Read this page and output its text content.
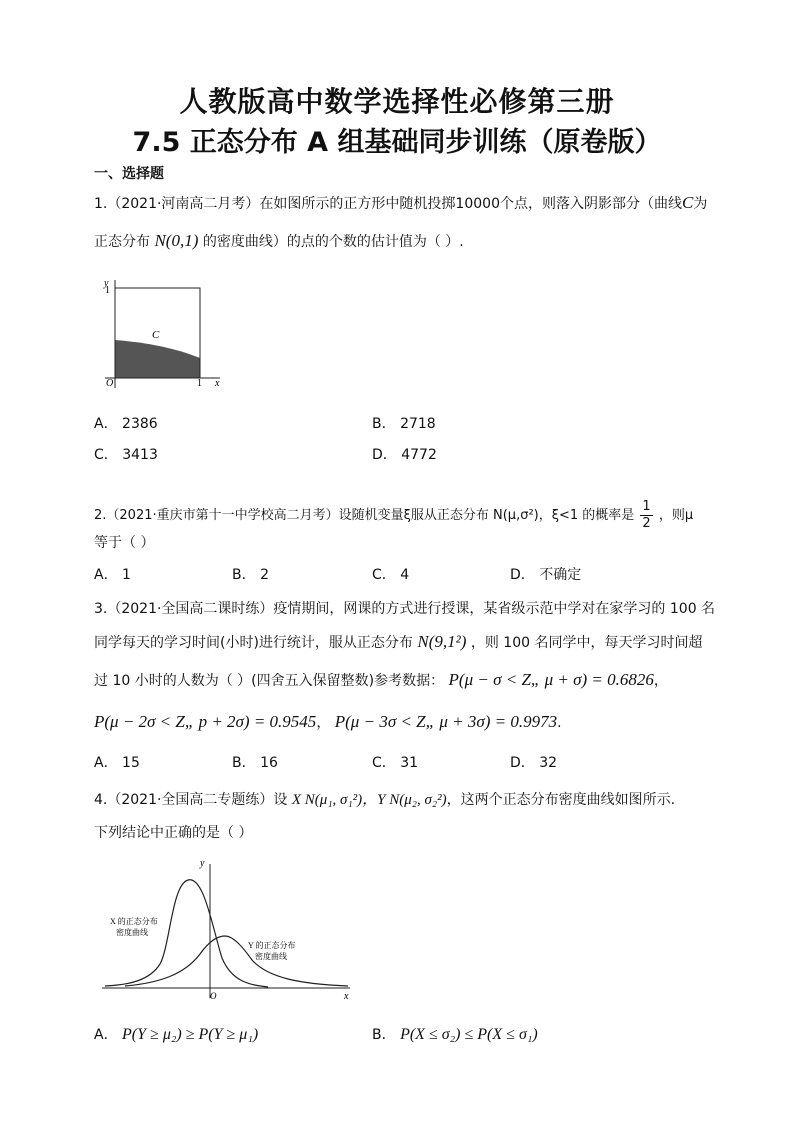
人教版高中数学选择性必修第三册
7.5 正态分布 A 组基础同步训练（原卷版）
一、选择题
1.（2021·河南高二月考）在如图所示的正方形中随机投掷10000个点，则落入阴影部分（曲线C为
正态分布 N(0,1) 的密度曲线）的点的个数的估计值为（ ）.
y
1
C
O	1 x
A． 2386	B． 2718
C． 3413	D． 4772
2.（2021·重庆市第十一中学校高二月考）设随机变量ξ服从正态分布 N(μ,σ²)，ξ<1 的概率是 $\frac{1}{2}$ ，则μ
等于（ ）
A． 1	B． 2	C． 4	D． 不确定
3.（2021·全国高二课时练）疫情期间，网课的方式进行授课，某省级示范中学对在家学习的 100 名
同学每天的学习时间(小时)进行统计，服从正态分布 N(9,1²) ，则 100 名同学中，每天学习时间超
过 10 小时的人数为（ ）(四舍五入保留整数)参考数据： P(μ − σ < Z„ μ + σ) = 0.6826，
P(μ − 2σ < Z„ p + 2σ) = 0.9545， P(μ − 3σ < Z„ μ + 3σ) = 0.9973.
A． 15	B． 16	C． 31	D． 32
4.（2021·全国高二专题练）设 X N(μ₁, σ₁²)，Y N(μ₂, σ₂²)，这两个正态分布密度曲线如图所示.
下列结论中正确的是（ ）
y
X 的正态分布
密度曲线
Y 的正态分布
密度曲线
O	x
A． P(Y ≥ μ₂) ≥ P(Y ≥ μ₁)	B． P(X ≤ σ₂) ≤ P(X ≤ σ₁)
